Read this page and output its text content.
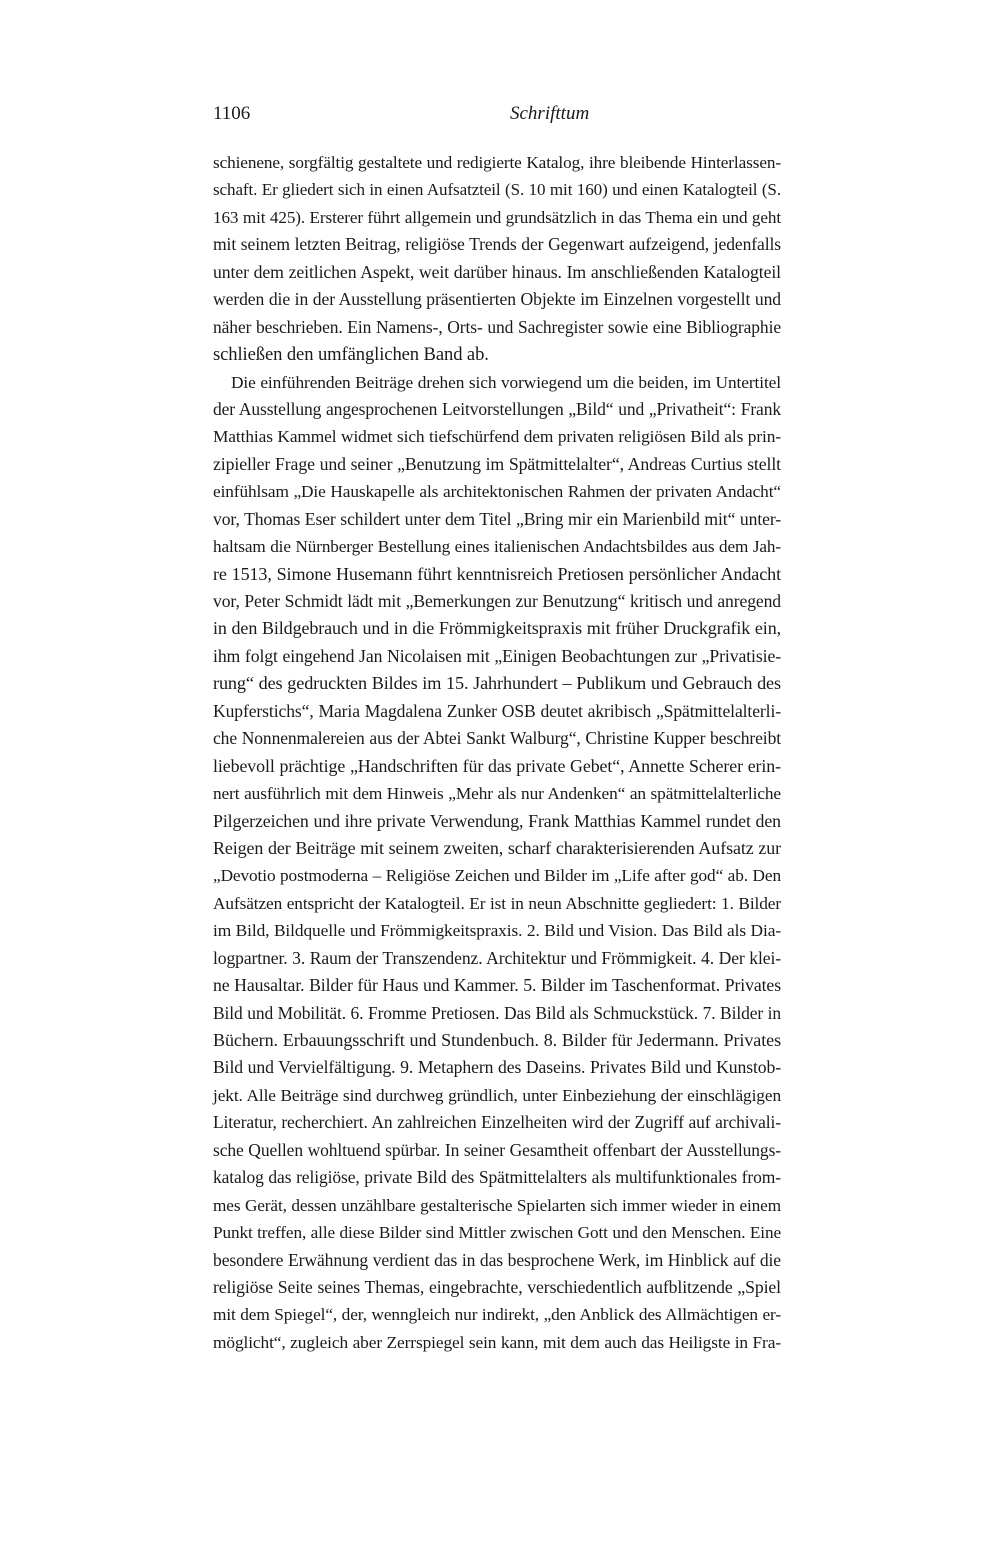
1106	Schrifttum
schienene, sorgfältig gestaltete und redigierte Katalog, ihre bleibende Hinterlassen-
schaft. Er gliedert sich in einen Aufsatzteil (S. 10 mit 160) und einen Katalogteil (S.
163 mit 425). Ersterer führt allgemein und grundsätzlich in das Thema ein und geht
mit seinem letzten Beitrag, religiöse Trends der Gegenwart aufzeigend, jedenfalls
unter dem zeitlichen Aspekt, weit darüber hinaus. Im anschließenden Katalogteil
werden die in der Ausstellung präsentierten Objekte im Einzelnen vorgestellt und
näher beschrieben. Ein Namens-, Orts- und Sachregister sowie eine Bibliographie
schließen den umfänglichen Band ab.
Die einführenden Beiträge drehen sich vorwiegend um die beiden, im Untertitel
der Ausstellung angesprochenen Leitvorstellungen „Bild“ und „Privatheit“: Frank
Matthias Kammel widmet sich tiefschürfend dem privaten religiösen Bild als prin-
zipieller Frage und seiner „Benutzung im Spätmittelalter“, Andreas Curtius stellt
einfühlsam „Die Hauskapelle als architektonischen Rahmen der privaten Andacht“
vor, Thomas Eser schildert unter dem Titel „Bring mir ein Marienbild mit“ unter-
haltsam die Nürnberger Bestellung eines italienischen Andachtsbildes aus dem Jah-
re 1513, Simone Husemann führt kenntnisreich Pretiosen persönlicher Andacht
vor, Peter Schmidt lädt mit „Bemerkungen zur Benutzung“ kritisch und anregend
in den Bildgebrauch und in die Frömmigkeitspraxis mit früher Druckgrafik ein,
ihm folgt eingehend Jan Nicolaisen mit „Einigen Beobachtungen zur „Privatisie-
rung“ des gedruckten Bildes im 15. Jahrhundert – Publikum und Gebrauch des
Kupferstichs“, Maria Magdalena Zunker OSB deutet akribisch „Spätmittelalterli-
che Nonnenmalereien aus der Abtei Sankt Walburg“, Christine Kupper beschreibt
liebevoll prächtige „Handschriften für das private Gebet“, Annette Scherer erin-
nert ausführlich mit dem Hinweis „Mehr als nur Andenken“ an spätmittelalterliche
Pilgerzeichen und ihre private Verwendung, Frank Matthias Kammel rundet den
Reigen der Beiträge mit seinem zweiten, scharf charakterisierenden Aufsatz zur
„Devotio postmoderna – Religiöse Zeichen und Bilder im „Life after god“ ab. Den
Aufsätzen entspricht der Katalogteil. Er ist in neun Abschnitte gegliedert: 1. Bilder
im Bild, Bildquelle und Frömmigkeitspraxis. 2. Bild und Vision. Das Bild als Dia-
logpartner. 3. Raum der Transzendenz. Architektur und Frömmigkeit. 4. Der klei-
ne Hausaltar. Bilder für Haus und Kammer. 5. Bilder im Taschenformat. Privates
Bild und Mobilität. 6. Fromme Pretiosen. Das Bild als Schmuckstück. 7. Bilder in
Büchern. Erbauungsschrift und Stundenbuch. 8. Bilder für Jedermann. Privates
Bild und Vervielfältigung. 9. Metaphern des Daseins. Privates Bild und Kunstob-
jekt. Alle Beiträge sind durchweg gründlich, unter Einbeziehung der einschlägigen
Literatur, recherchiert. An zahlreichen Einzelheiten wird der Zugriff auf archivali-
sche Quellen wohltuend spürbar. In seiner Gesamtheit offenbart der Ausstellungs-
katalog das religiöse, private Bild des Spätmittelalters als multifunktionales from-
mes Gerät, dessen unzählbare gestalterische Spielarten sich immer wieder in einem
Punkt treffen, alle diese Bilder sind Mittler zwischen Gott und den Menschen. Eine
besondere Erwähnung verdient das in das besprochene Werk, im Hinblick auf die
religiöse Seite seines Themas, eingebrachte, verschiedentlich aufblitzende „Spiel
mit dem Spiegel“, der, wenngleich nur indirekt, „den Anblick des Allmächtigen er-
möglicht“, zugleich aber Zerrspiegel sein kann, mit dem auch das Heiligste in Fra-
